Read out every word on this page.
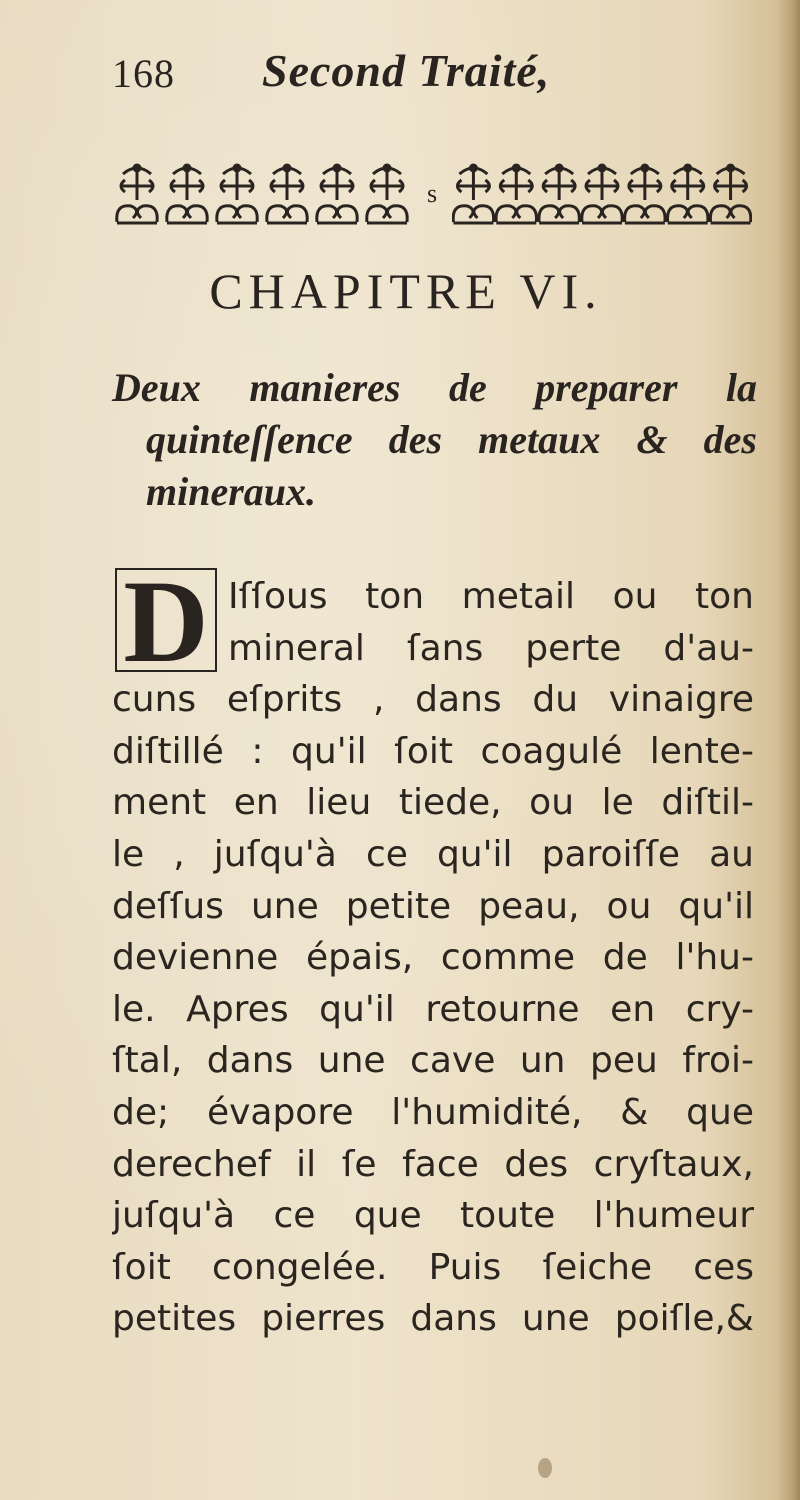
168 Second Traité,
s
CHAPITRE VI.
Deux manieres de preparer la
quinteſſence des metaux & des
mineraux.
D Iſſous ton metail ou ton
mineral ſans perte d'au-
cuns eſprits , dans du vinaigre
diſtillé : qu'il ſoit coagulé lente-
ment en lieu tiede, ou le diſtil-
le , juſqu'à ce qu'il paroiſſe au
deſſus une petite peau, ou qu'il
devienne épais, comme de l'hu-
le. Apres qu'il retourne en cry-
ſtal, dans une cave un peu froi-
de; évapore l'humidité, & que
derechef il ſe face des cryſtaux,
juſqu'à ce que toute l'humeur
ſoit congelée. Puis ſeiche ces
petites pierres dans une poiſle,&
